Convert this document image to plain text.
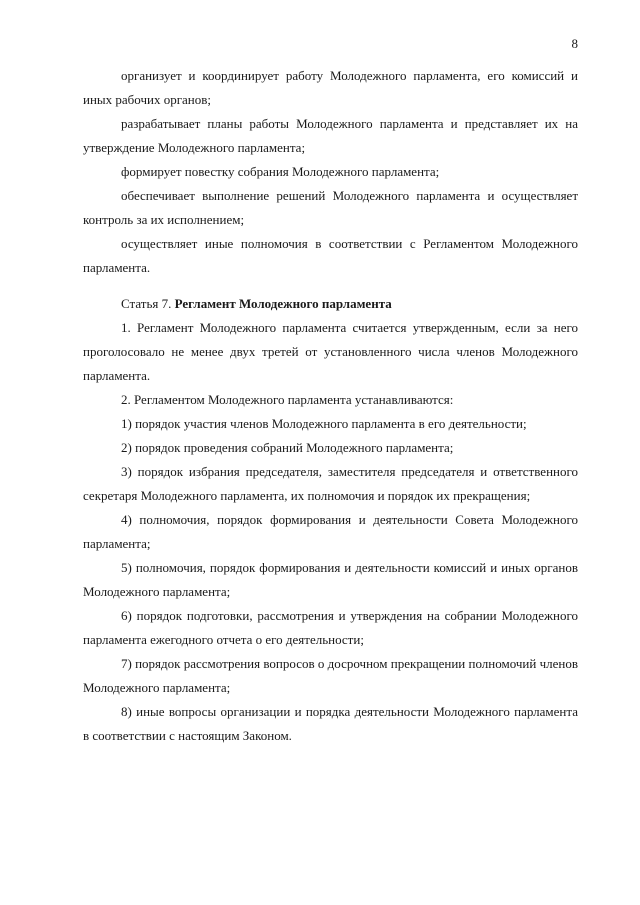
8

организует и координирует работу Молодежного парламента, его комиссий и иных рабочих органов;

разрабатывает планы работы Молодежного парламента и представляет их на утверждение Молодежного парламента;

формирует повестку собрания Молодежного парламента;

обеспечивает выполнение решений Молодежного парламента и осуществляет контроль за их исполнением;

осуществляет иные полномочия в соответствии с Регламентом Молодежного парламента.

Статья 7. Регламент Молодежного парламента

1. Регламент Молодежного парламента считается утвержденным, если за него проголосовало не менее двух третей от установленного числа членов Молодежного парламента.

2. Регламентом Молодежного парламента устанавливаются:

1) порядок участия членов Молодежного парламента в его деятельности;

2) порядок проведения собраний Молодежного парламента;

3) порядок избрания председателя, заместителя председателя и ответственного секретаря Молодежного парламента, их полномочия и порядок их прекращения;

4) полномочия, порядок формирования и деятельности Совета Молодежного парламента;

5) полномочия, порядок формирования и деятельности комиссий и иных органов Молодежного парламента;

6) порядок подготовки, рассмотрения и утверждения на собрании Молодежного парламента ежегодного отчета о его деятельности;

7) порядок рассмотрения вопросов о досрочном прекращении полномочий членов Молодежного парламента;

8) иные вопросы организации и порядка деятельности Молодежного парламента в соответствии с настоящим Законом.
